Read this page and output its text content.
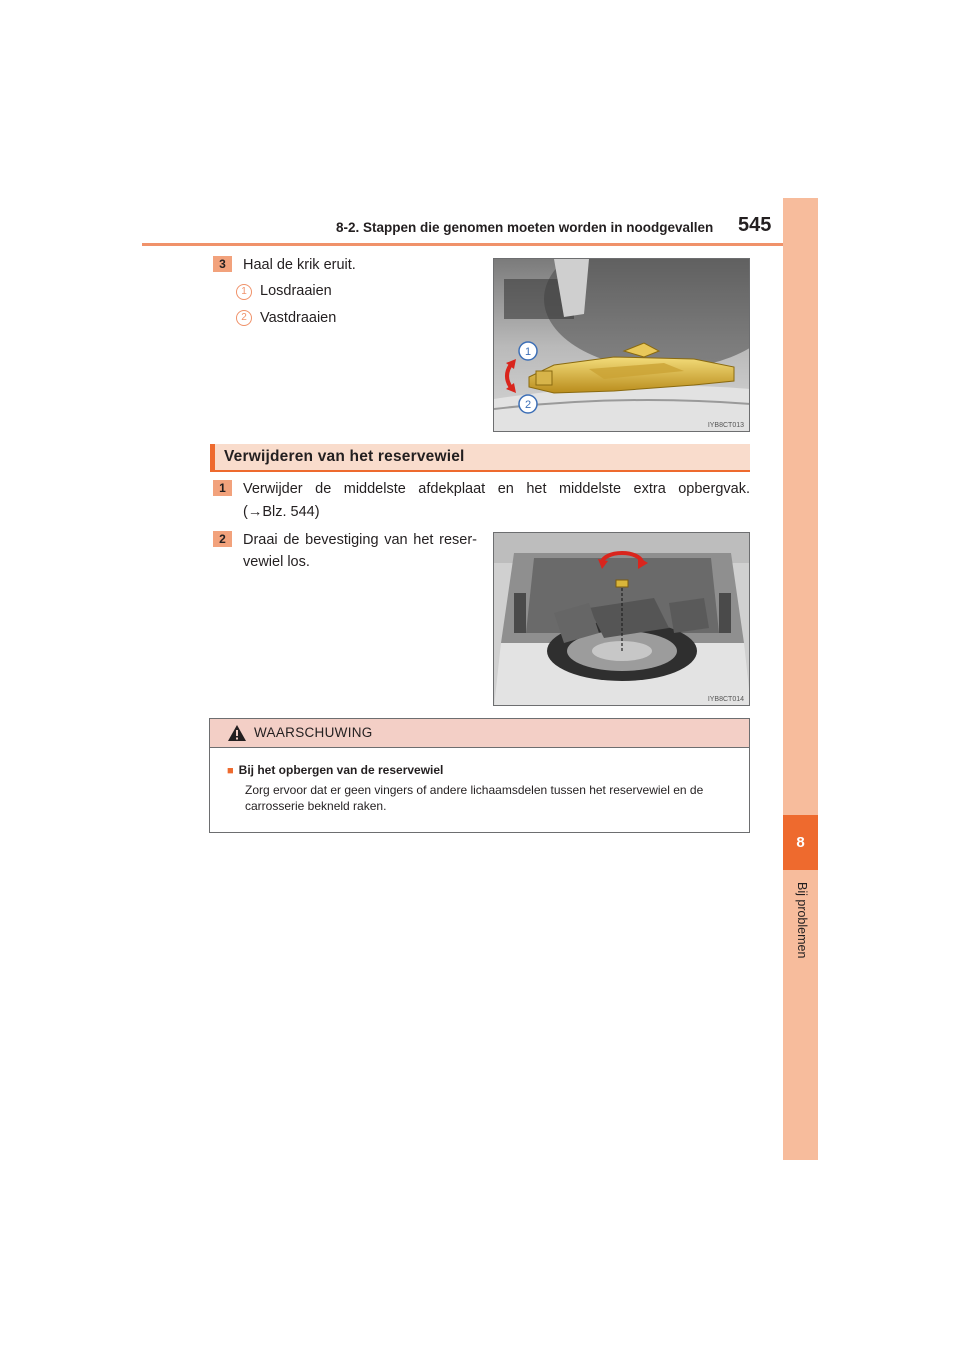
8-2. Stappen die genomen moeten worden in noodgevallen 545
8
Bij problemen
3	Haal de krik eruit.
1 Losdraaien
2 Vastdraaien
1
2
IYB8CT013
Verwijderen van het reservewiel
1	Verwijder de middelste afdekplaat en het middelste extra opbergvak.
(→Blz. 544)
2	Draai de bevestiging van het reser-
vewiel los.
IYB8CT014
WAARSCHUWING
■ Bij het opbergen van de reservewiel
Zorg ervoor dat er geen vingers of andere lichaamsdelen tussen het reservewiel en de carrosserie bekneld raken.
